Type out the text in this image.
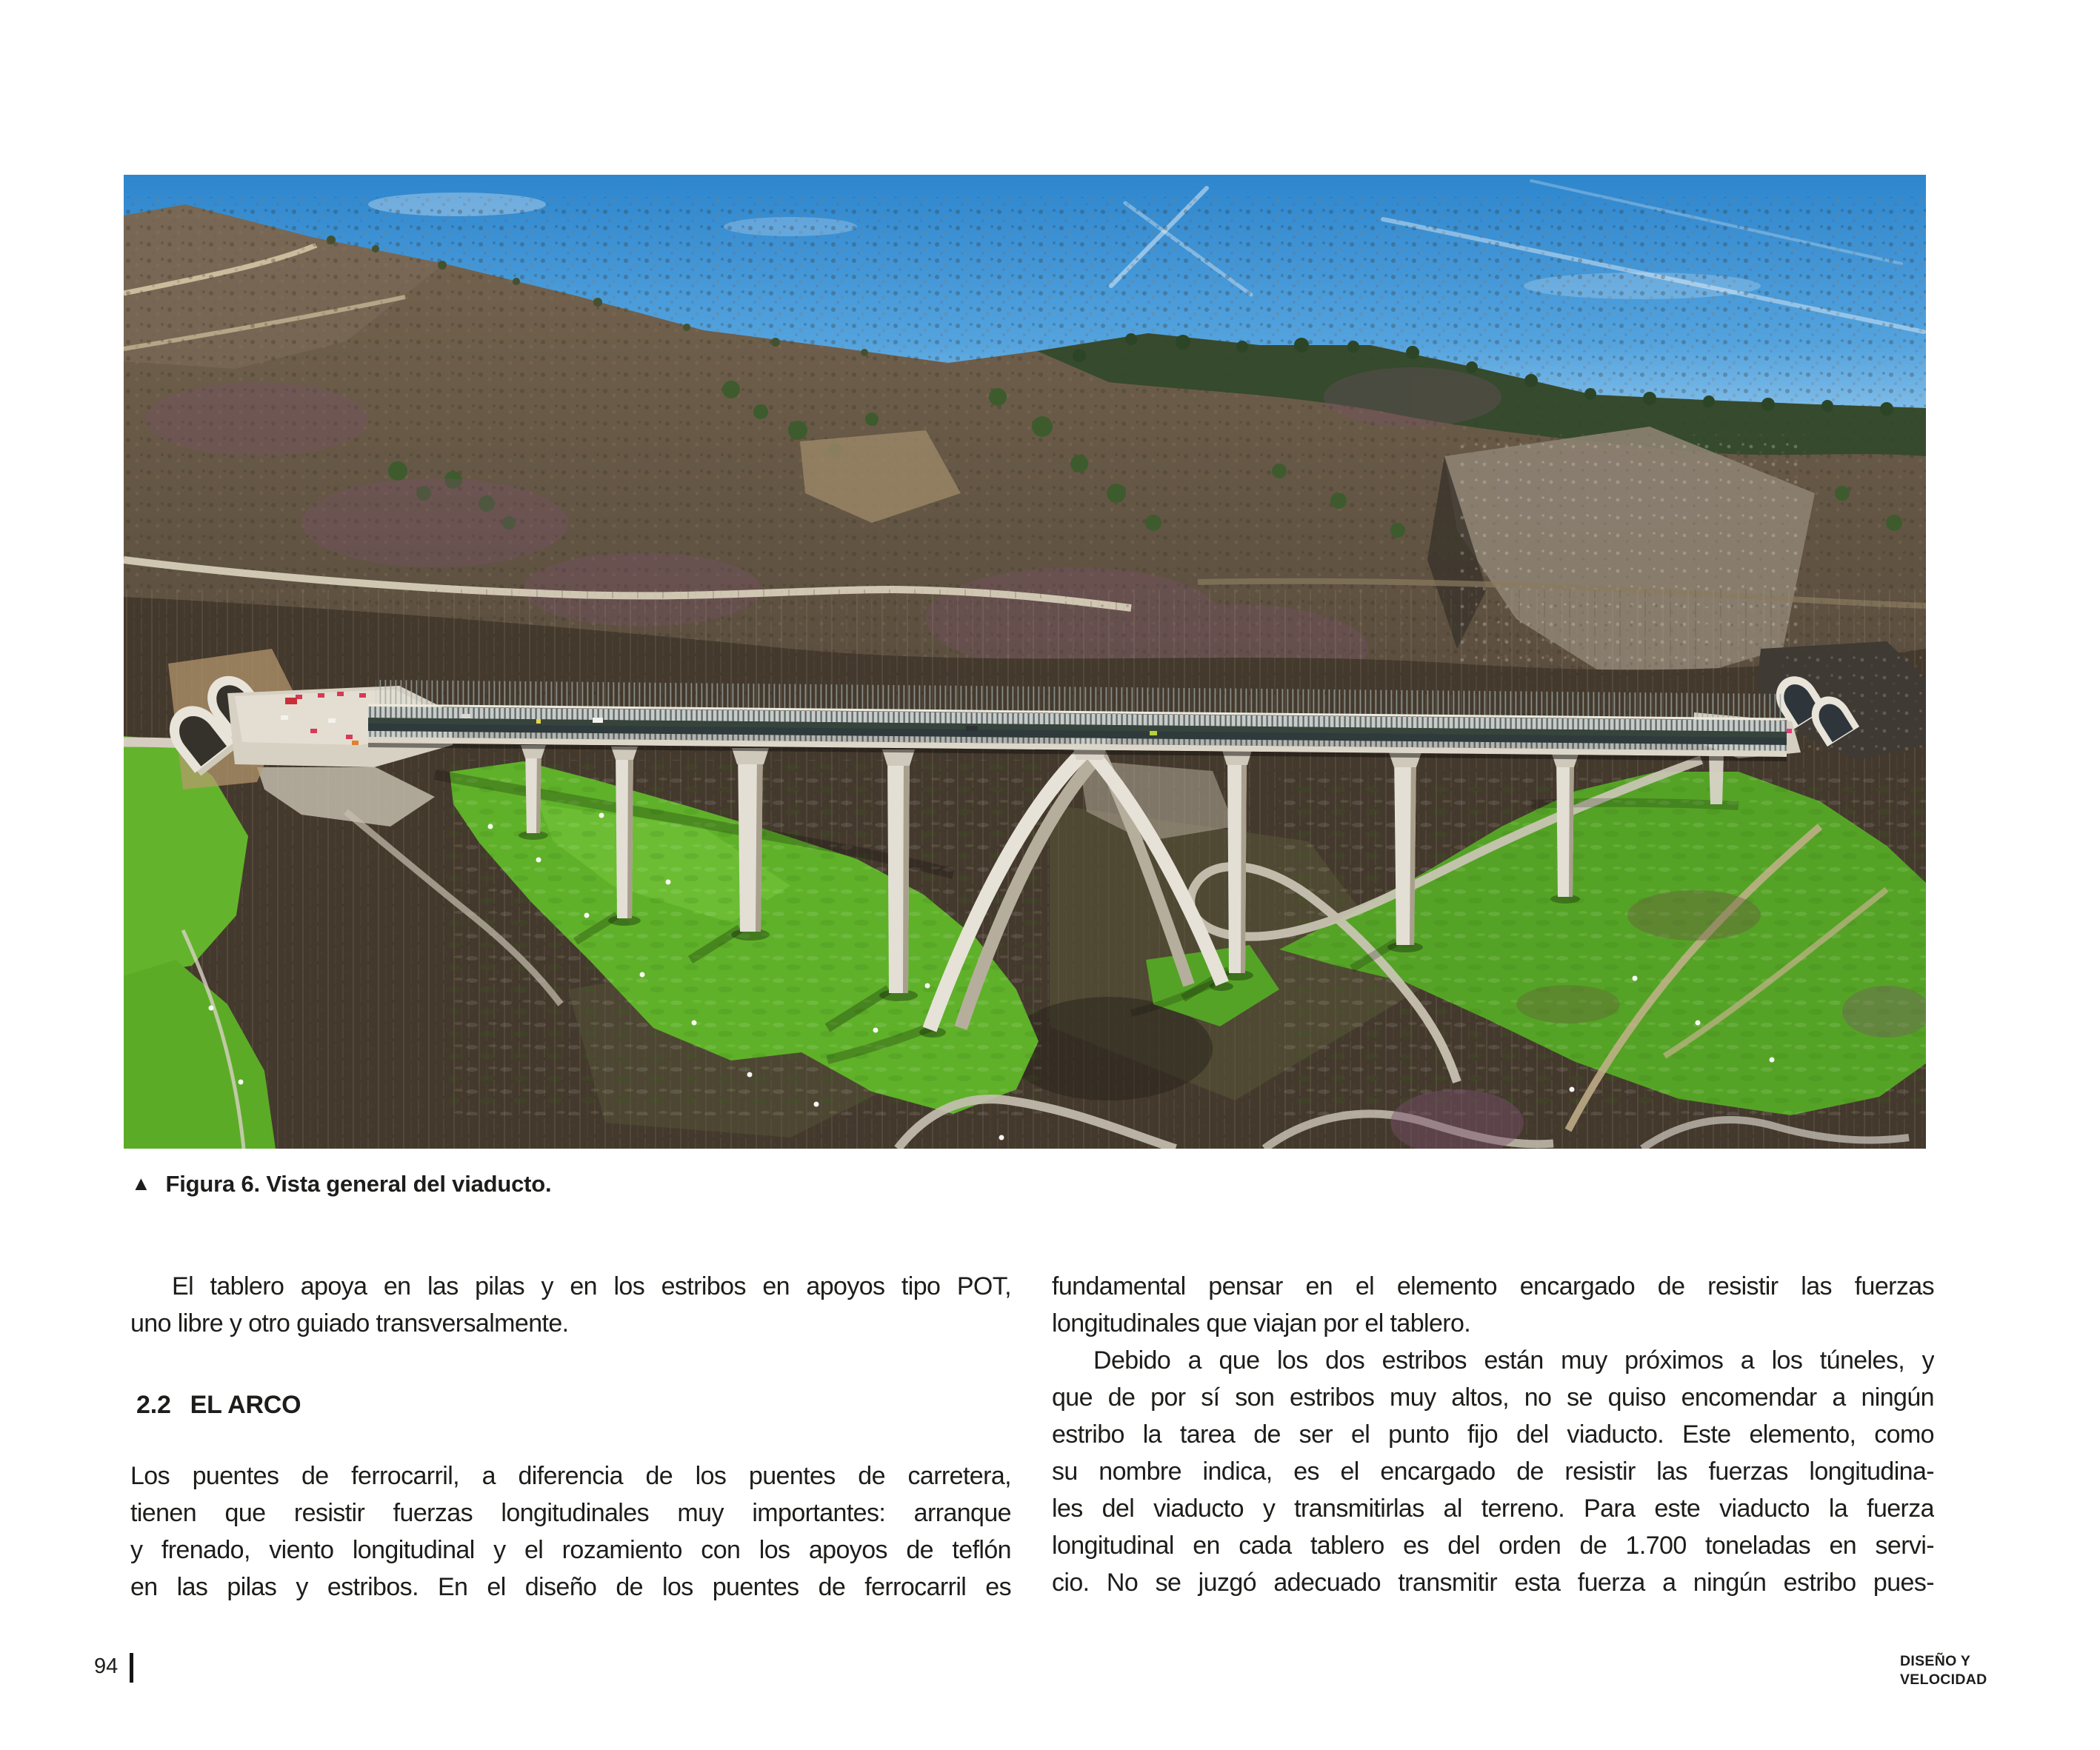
▲ Figura 6. Vista general del viaducto.

El tablero apoya en las pilas y en los estribos en apoyos tipo POT,

uno libre y otro guiado transversalmente.

2.2 EL ARCO

Los puentes de ferrocarril, a diferencia de los puentes de carretera,

tienen que resistir fuerzas longitudinales muy importantes: arranque

y frenado, viento longitudinal y el rozamiento con los apoyos de teflón

en las pilas y estribos. En el diseño de los puentes de ferrocarril es

fundamental pensar en el elemento encargado de resistir las fuerzas

longitudinales que viajan por el tablero.

Debido a que los dos estribos están muy próximos a los túneles, y

que de por sí son estribos muy altos, no se quiso encomendar a ningún

estribo la tarea de ser el punto fijo del viaducto. Este elemento, como

su nombre indica, es el encargado de resistir las fuerzas longitudina-

les del viaducto y transmitirlas al terreno. Para este viaducto la fuerza

longitudinal en cada tablero es del orden de 1.700 toneladas en servi-

cio. No se juzgó adecuado transmitir esta fuerza a ningún estribo pues-

94	DISEÑO Y
VELOCIDAD
